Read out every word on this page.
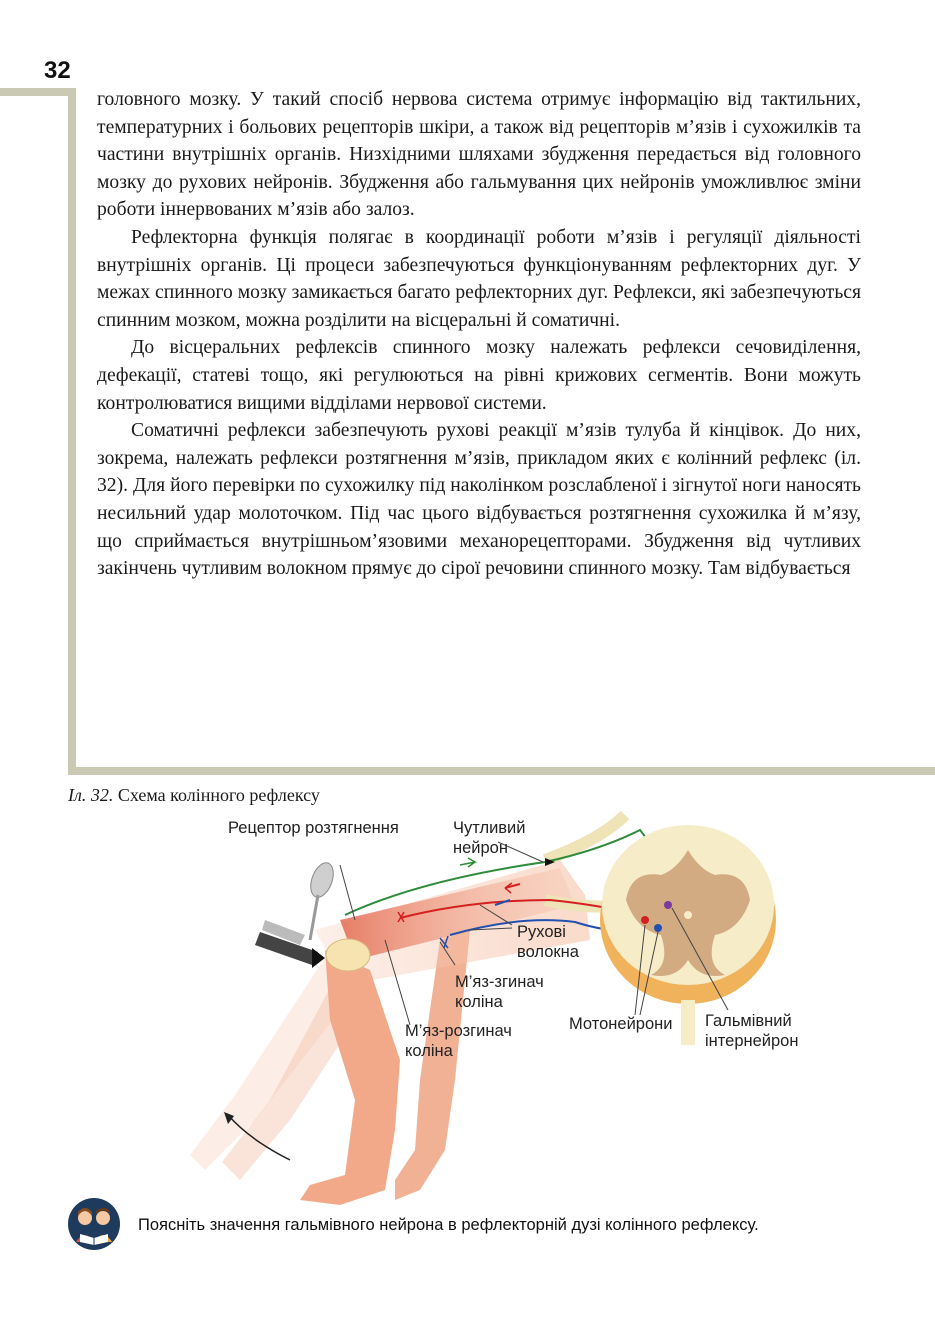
32

головного мозку. У такий спосіб нервова система отримує інформацію від тактильних, температурних і больових рецепторів шкіри, а також від рецепторів м’язів і сухожилків та частини внутрішніх органів. Низхідними шляхами збудження передається від головного мозку до рухових нейронів. Збудження або гальмування цих нейронів уможливлює зміни роботи іннервованих м’язів або залоз.

Рефлекторна функція полягає в координації роботи м’язів і регуляції діяльності внутрішніх органів. Ці процеси забезпечуються функціонуванням рефлекторних дуг. У межах спинного мозку замикається багато рефлекторних дуг. Рефлекси, які забезпечуються спинним мозком, можна розділити на вісцеральні й соматичні.

До вісцеральних рефлексів спинного мозку належать рефлекси сечовиділення, дефекації, статеві тощо, які регулюються на рівні крижових сегментів. Вони можуть контролюватися вищими відділами нервової системи.

Соматичні рефлекси забезпечують рухові реакції м’язів тулуба й кінцівок. До них, зокрема, належать рефлекси розтягнення м’язів, прикладом яких є колінний рефлекс (іл. 32). Для його перевірки по сухожилку під наколінком розслабленої і зігнутої ноги наносять несильний удар молоточком. Під час цього відбувається розтягнення сухожилка й м’язу, що сприймається внутрішньом’язовими механорецепторами. Збудження від чутливих закінчень чутливим волокном прямує до сірої речовини спинного мозку. Там відбувається

Іл. 32. Схема колінного рефлексу
Рецептор розтягнення	Чутливий
нейрон
Рухові
волокна
М’яз-згинач
коліна
М’яз-розгинач
коліна
Мотонейрони Гальмівний
інтернейрон
Поясніть значення гальмівного нейрона в рефлекторній дузі колінного рефлексу.
